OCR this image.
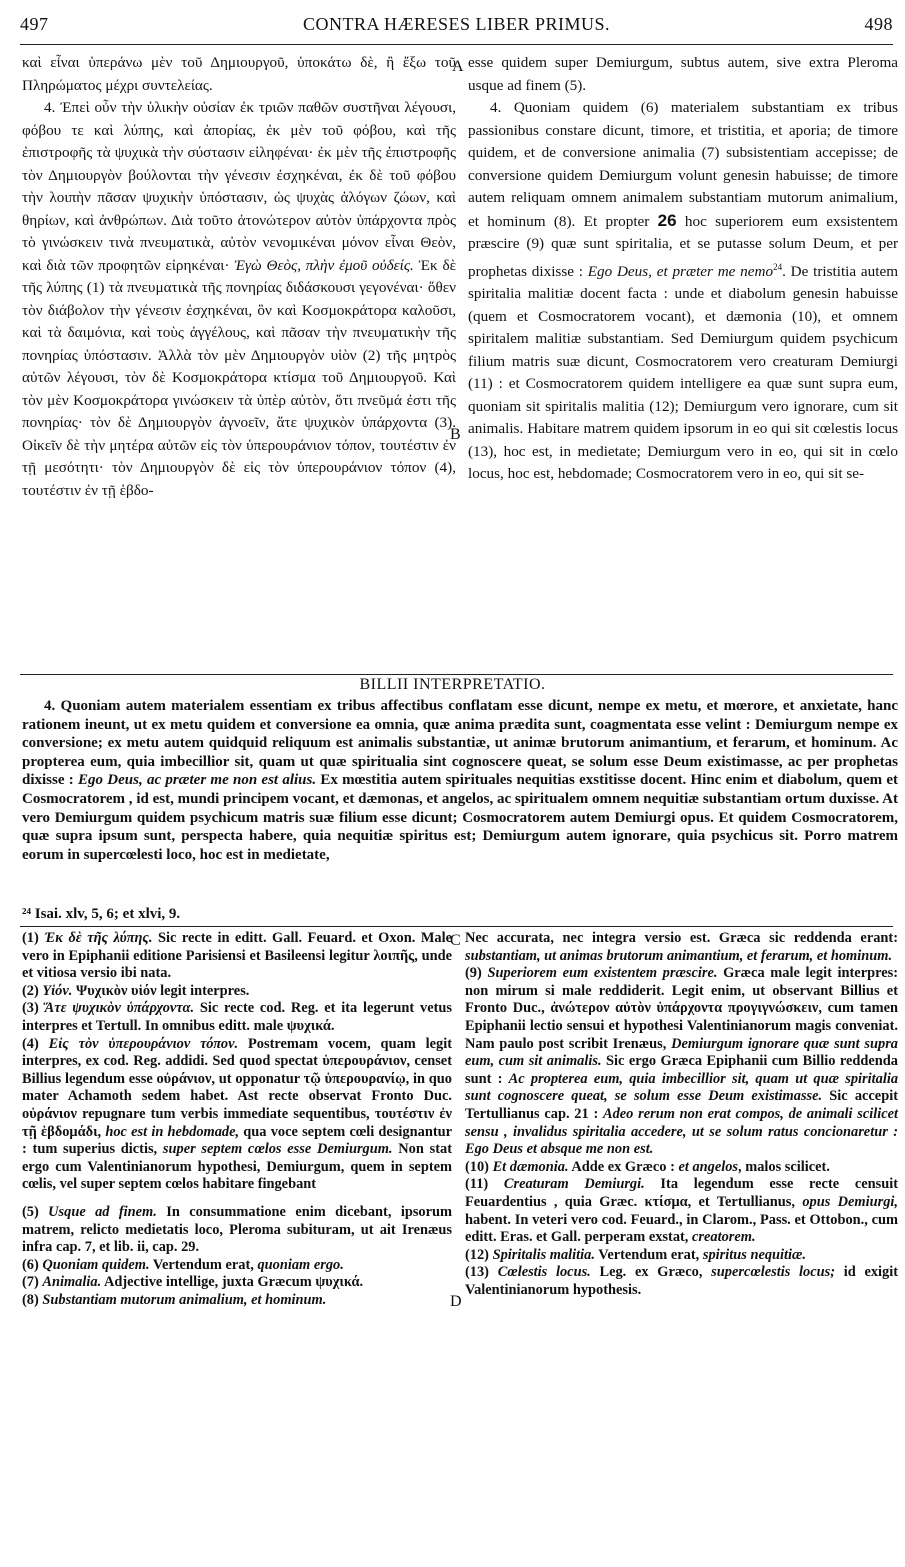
497	CONTRA HÆRESES LIBER PRIMUS.	498

καὶ εἶναι ὑπεράνω μὲν τοῦ Δημιουργοῦ, ὑποκάτω δὲ, ἢ ἔξω τοῦ Πληρώματος μέχρι συντελείας.

4. Ἐπεὶ οὖν τὴν ὑλικὴν οὐσίαν ἐκ τριῶν παθῶν συστῆναι λέγουσι, φόβου τε καὶ λύπης, καὶ ἀπορίας, ἐκ μὲν τοῦ φόβου, καὶ τῆς ἐπιστροφῆς τὰ ψυχικὰ τὴν σύστασιν εἰληφέναι· ἐκ μὲν τῆς ἐπιστροφῆς τὸν Δημιουργὸν βούλονται τὴν γένεσιν ἐσχηκέναι, ἐκ δὲ τοῦ φόβου τὴν λοιπὴν πᾶσαν ψυχικὴν ὑπόστασιν, ὡς ψυχὰς ἀλόγων ζώων, καὶ θηρίων, καὶ ἀνθρώπων. Διὰ τοῦτο ἀτονώτερον αὐτὸν ὑπάρχοντα πρὸς τὸ γινώσκειν τινὰ πνευματικὰ, αὐτὸν νενομικέναι μόνον εἶναι Θεὸν, καὶ διὰ τῶν προφητῶν εἰρηκέναι· Ἐγὼ Θεὸς, πλὴν ἐμοῦ οὐδείς. Ἐκ δὲ τῆς λύπης (1) τὰ πνευματικὰ τῆς πονηρίας διδάσκουσι γεγονέναι· ὅθεν τὸν διάβολον τὴν γένεσιν ἐσχηκέναι, ὃν καὶ Κοσμοκράτορα καλοῦσι, καὶ τὰ δαιμόνια, καὶ τοὺς ἀγγέλους, καὶ πᾶσαν τὴν πνευματικὴν τῆς πονηρίας ὑπόστασιν. Ἀλλὰ τὸν μὲν Δημιουργὸν υἱὸν (2) τῆς μητρὸς αὐτῶν λέγουσι, τὸν δὲ Κοσμοκράτορα κτίσμα τοῦ Δημιουργοῦ. Καὶ τὸν μὲν Κοσμοκράτορα γινώσκειν τὰ ὑπὲρ αὐτὸν, ὅτι πνεῦμά ἐστι τῆς πονηρίας· τὸν δὲ Δημιουργὸν ἀγνοεῖν, ἅτε ψυχικὸν ὑπάρχοντα (3). Οἰκεῖν δὲ τὴν μητέρα αὐτῶν εἰς τὸν ὑπερουράνιον τόπον, τουτέστιν ἐν τῇ μεσότητι· τὸν Δημιουργὸν δὲ εἰς τὸν ὑπερουράνιον τόπον (4), τουτέστιν ἐν τῇ ἑβδο-

A
B

esse quidem super Demiurgum, subtus autem, sive extra Pleroma usque ad finem (5).

4. Quoniam quidem (6) materialem substantiam ex tribus passionibus constare dicunt, timore, et tristitia, et aporia; de timore quidem, et de conversione animalia (7) subsistentiam accepisse; de conversione quidem Demiurgum volunt genesin habuisse; de timore autem reliquam omnem animalem substantiam mutorum animalium, et hominum (8). Et propter 26 hoc superiorem eum exsistentem præscire (9) quæ sunt spiritalia, et se putasse solum Deum, et per prophetas dixisse : Ego Deus, et præter me nemo$^{24}$. De tristitia autem spiritalia malitiæ docent facta : unde et diabolum genesin habuisse (quem et Cosmocratorem vocant), et dæmonia (10), et omnem spiritalem malitiæ substantiam. Sed Demiurgum quidem psychicum filium matris suæ dicunt, Cosmocratorem vero creaturam Demiurgi (11) : et Cosmocratorem quidem intelligere ea quæ sunt supra eum, quoniam sit spiritalis malitia (12); Demiurgum vero ignorare, cum sit animalis. Habitare matrem quidem ipsorum in eo qui sit cœlestis locus (13), hoc est, in medietate; Demiurgum vero in eo, qui sit in cœlo locus, hoc est, hebdomade; Cosmocratorem vero in eo, qui sit se-

BILLII INTERPRETATIO.

4. Quoniam autem materialem essentiam ex tribus affectibus conflatam esse dicunt, nempe ex metu, et mœrore, et anxietate, hanc rationem ineunt, ut ex metu quidem et conversione ea omnia, quæ anima prædita sunt, coagmentata esse velint : Demiurgum nempe ex conversione; ex metu autem quidquid reliquum est animalis substantiæ, ut animæ brutorum animantium, et ferarum, et hominum. Ac propterea eum, quia imbecillior sit, quam ut quæ spiritualia sint cognoscere queat, se solum esse Deum existimasse, ac per prophetas dixisse : Ego Deus, ac præter me non est alius. Ex mœstitia autem spirituales nequitias exstitisse docent. Hinc enim et diabolum, quem et Cosmocratorem , id est, mundi principem vocant, et dæmonas, et angelos, ac spiritualem omnem nequitiæ substantiam ortum duxisse. At vero Demiurgum quidem psychicum matris suæ filium esse dicunt; Cosmocratorem autem Demiurgi opus. Et quidem Cosmocratorem, quæ supra ipsum sunt, perspecta habere, quia nequitiæ spiritus est; Demiurgum autem ignorare, quia psychicus sit. Porro matrem eorum in supercœlesti loco, hoc est in medietate,

²⁴ Isai. xlv, 5, 6; et xlvi, 9.
C
D

(1) Ἐκ δὲ τῆς λύπης. Sic recte in editt. Gall. Feuard. et Oxon. Male vero in Epiphanii editione Parisiensi et Basileensi legitur λοιπῆς, unde et vitiosa versio ibi nata.

(2) Υἱόν. Ψυχικὸν υἱόν legit interpres.

(3) Ἅτε ψυχικὸν ὑπάρχοντα. Sic recte cod. Reg. et ita legerunt vetus interpres et Tertull. In omnibus editt. male ψυχικά.

(4) Εἰς τὸν ὑπερουράνιον τόπον. Postremam vocem, quam legit interpres, ex cod. Reg. addidi. Sed quod spectat ὑπερουράνιον, censet Billius legendum esse οὐράνιον, ut opponatur τῷ ὑπερουρανίῳ, in quo mater Achamoth sedem habet. Ast recte observat Fronto Duc. οὐράνιον repugnare tum verbis immediate sequentibus, τουτέστιν ἐν τῇ ἑβδομάδι, hoc est in hebdomade, qua voce septem cœli designantur : tum superius dictis, super septem cœlos esse Demiurgum. Non stat ergo cum Valentinianorum hypothesi, Demiurgum, quem in septem cœlis, vel super septem cœlos habitare fingebant

(5) Usque ad finem. In consummatione enim dicebant, ipsorum matrem, relicto medietatis loco, Pleroma subituram, ut ait Irenæus infra cap. 7, et lib. ii, cap. 29.

(6) Quoniam quidem. Vertendum erat, quoniam ergo.

(7) Animalia. Adjective intellige, juxta Græcum ψυχικά.

(8) Substantiam mutorum animalium, et hominum.

Nec accurata, nec integra versio est. Græca sic reddenda erant: substantiam, ut animas brutorum animantium, et ferarum, et hominum.

(9) Superiorem eum existentem præscire. Græca male legit interpres: non mirum si male reddiderit. Legit enim, ut observant Billius et Fronto Duc., ἀνώτερον αὐτὸν ὑπάρχοντα προγιγνώσκειν, cum tamen Epiphanii lectio sensui et hypothesi Valentinianorum magis conveniat. Nam paulo post scribit Irenæus, Demiurgum ignorare quæ sunt supra eum, cum sit animalis. Sic ergo Græca Epiphanii cum Billio reddenda sunt : Ac propterea eum, quia imbecillior sit, quam ut quæ spiritalia sunt cognoscere queat, se solum esse Deum existimasse. Sic accepit Tertullianus cap. 21 : Adeo rerum non erat compos, de animali scilicet sensu , invalidus spiritalia accedere, ut se solum ratus concionaretur : Ego Deus et absque me non est.

(10) Et dæmonia. Adde ex Græco : et angelos, malos scilicet.

(11) Creaturam Demiurgi. Ita legendum esse recte censuit Feuardentius , quia Græc. κτίσμα, et Tertullianus, opus Demiurgi, habent. In veteri vero cod. Feuard., in Clarom., Pass. et Ottobon., cum editt. Eras. et Gall. perperam exstat, creatorem.

(12) Spiritalis malitia. Vertendum erat, spiritus nequitiæ.

(13) Cœlestis locus. Leg. ex Græco, supercœlestis locus; id exigit Valentinianorum hypothesis.
